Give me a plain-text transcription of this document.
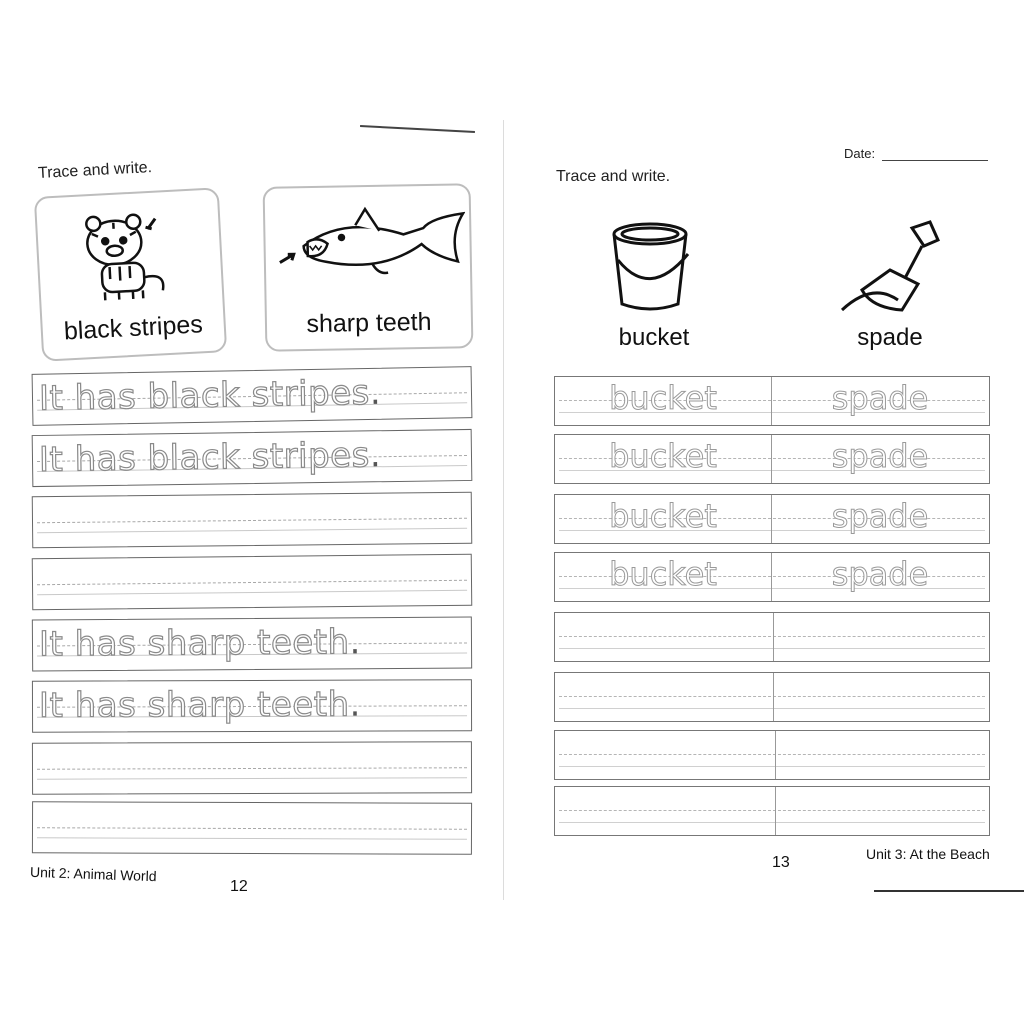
Trace and write.
black stripes	sharp teeth
It has black stripes.
It has black stripes.
It has sharp teeth.
It has sharp teeth.
Unit 2: Animal World
12
Date:
Trace and write.
bucket	spade
bucket	spade
bucket	spade
bucket	spade
bucket	spade
13	Unit 3: At the Beach
